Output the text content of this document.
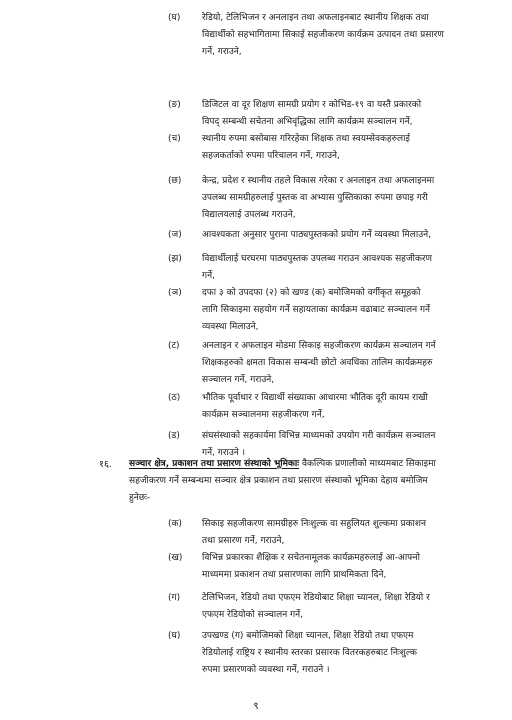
(घ) रेडियो, टेलिभिजन र अनलाइन तथा अफलाइनबाट स्थानीय शिक्षक तथा
विद्यार्थीको सहभागितामा सिकाई सहजीकरण कार्यक्रम उत्पादन तथा प्रसारण
गर्ने, गराउने,
(ङ) डिजिटल वा दूर शिक्षण सामग्री प्रयोग र कोभिड-१९ वा यस्तै प्रकारको
विपद् सम्बन्धी सचेतना अभिवृद्धिका लागि कार्यक्रम सञ्चालन गर्ने,
(च) स्थानीय रुपमा बसोबास गरिरहेका शिक्षक तथा स्वयम्सेवकहरुलाई
सहजकर्ताको रुपमा परिचालन गर्ने, गराउने,
(छ) केन्द्र, प्रदेश र स्थानीय तहले विकास गरेका र अनलाइन तथा अफलाइनमा
उपलब्ध सामग्रीहरुलाई पुस्तक वा अभ्यास पुस्तिकाका रुपमा छपाइ गरी
विद्यालयलाई उपलब्ध गराउने,
(ज) आवश्यकता अनुसार पुराना पाठ्यपुस्तकको प्रयोग गर्ने व्यवस्था मिलाउने,
(झ) विद्यार्थीलाई घरघरमा पाठ्यपुस्तक उपलब्ध गराउन आवश्यक सहजीकरण
गर्ने,
(ञ) दफा ३ को उपदफा (२) को खण्ड (क) बमोजिमको वर्गीकृत समूहको
लागि सिकाइमा सहयोग गर्ने सहायताका कार्यक्रम वढाबाट सञ्चालन गर्ने
व्यवस्था मिलाउने,
(ट) अनलाइन र अफलाइन मोडमा सिकाइ सहजीकरण कार्यक्रम सञ्चालन गर्न
शिक्षकहरुको क्षमता विकास सम्बन्धी छोटो अवधिका तालिम कार्यक्रमहरु
सञ्चालन गर्ने, गराउने,
(ठ) भौतिक पूर्वाधार र विद्यार्थी संख्याका आधारमा भौतिक दूरी कायम राखी
कार्यक्रम सञ्चालनमा सहजीकरण गर्ने,
(ड) संघसंस्थाको सहकार्यमा विभिन्न माध्यमको उपयोग गरी कार्यक्रम सञ्चालन
गर्ने, गराउने ।
१६. सञ्चार क्षेत्र, प्रकाशन तथा प्रसारण संस्थाको भूमिकाः वैकल्पिक प्रणालीको माध्यमबाट सिकाइमा
सहजीकरण गर्ने सम्बन्धमा सञ्चार क्षेत्र प्रकाशन तथा प्रसारण संस्थाको भूमिका देहाय बमोजिम
हुनेछः-
(क) सिकाइ सहजीकरण सामग्रीहरु निःशुल्क वा सहुलियत शुल्कमा प्रकाशन
तथा प्रसारण गर्ने, गराउने,
(ख) विभिन्न प्रकारका शैक्षिक र सचेतनामूलक कार्यक्रमहरुलाई आ-आफ्नो
माध्यममा प्रकाशन तथा प्रसारणका लागि प्राथमिकता दिने,
(ग) टेलिभिजन, रेडियो तथा एफएम रेडियोबाट शिक्षा च्यानल, शिक्षा रेडियो र
एफएम रेडियोको सञ्चालन गर्ने,
(घ) उपखण्ड (ग) बमोजिमको शिक्षा च्यानल, शिक्षा रेडियो तथा एफएम
रेडियोलाई राष्ट्रिय र स्थानीय स्तरका प्रसारक वितरकहरुबाट निःशुल्क
रुपमा प्रसारणको व्यवस्था गर्ने, गराउने ।
९
